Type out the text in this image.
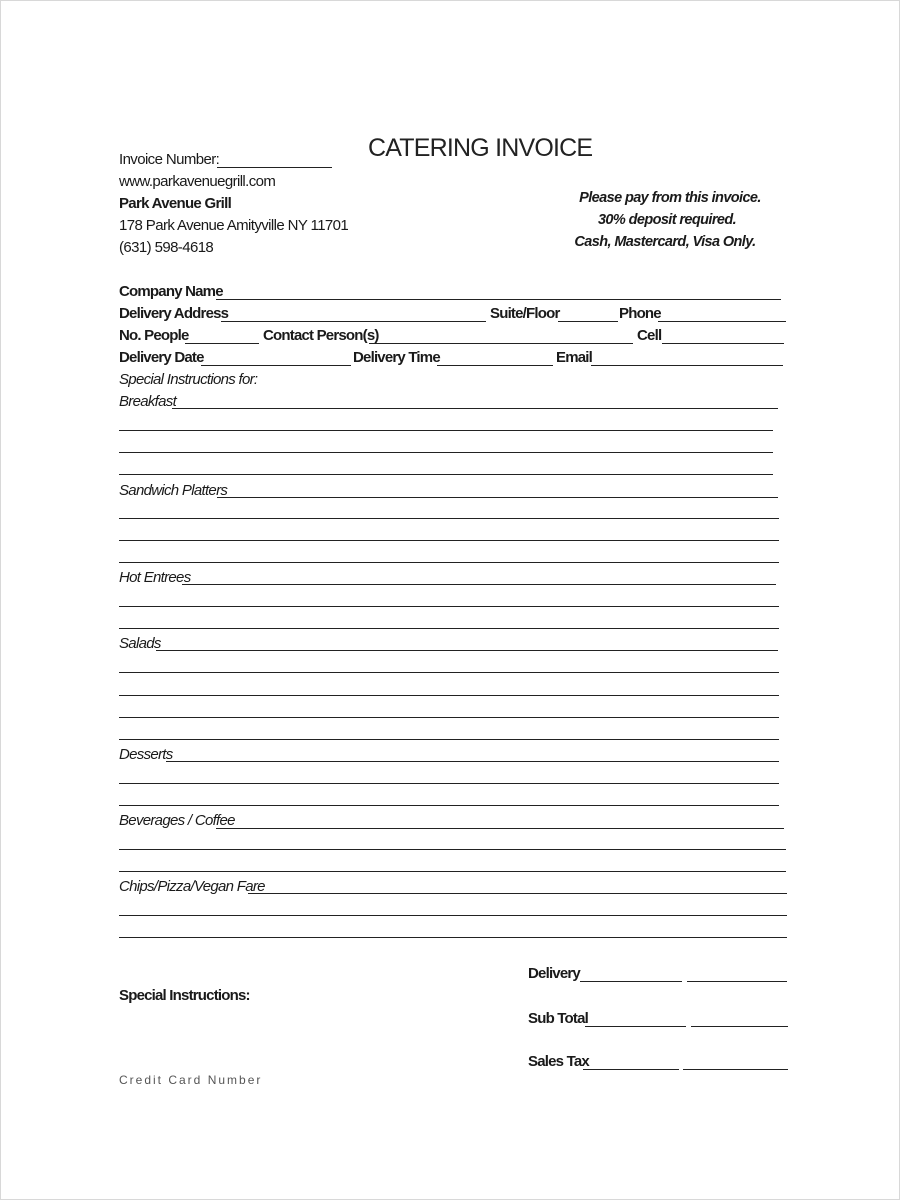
CATERING INVOICE
Invoice Number:
www.parkavenuegrill.com
Park Avenue Grill
178 Park Avenue Amityville NY 11701
(631) 598-4618
Please pay from this invoice.
30% deposit required.
Cash, Mastercard, Visa Only.
Company Name
Delivery Address	Suite/Floor	Phone
No. People	Contact Person(s)	Cell
Delivery Date	Delivery Time	Email
Special Instructions for:
Breakfast
Sandwich Platters
Hot Entrees
Salads
Desserts
Beverages / Coffee
Chips/Pizza/Vegan Fare
Special Instructions:
Delivery
Sub Total
Sales Tax
Credit Card Number
